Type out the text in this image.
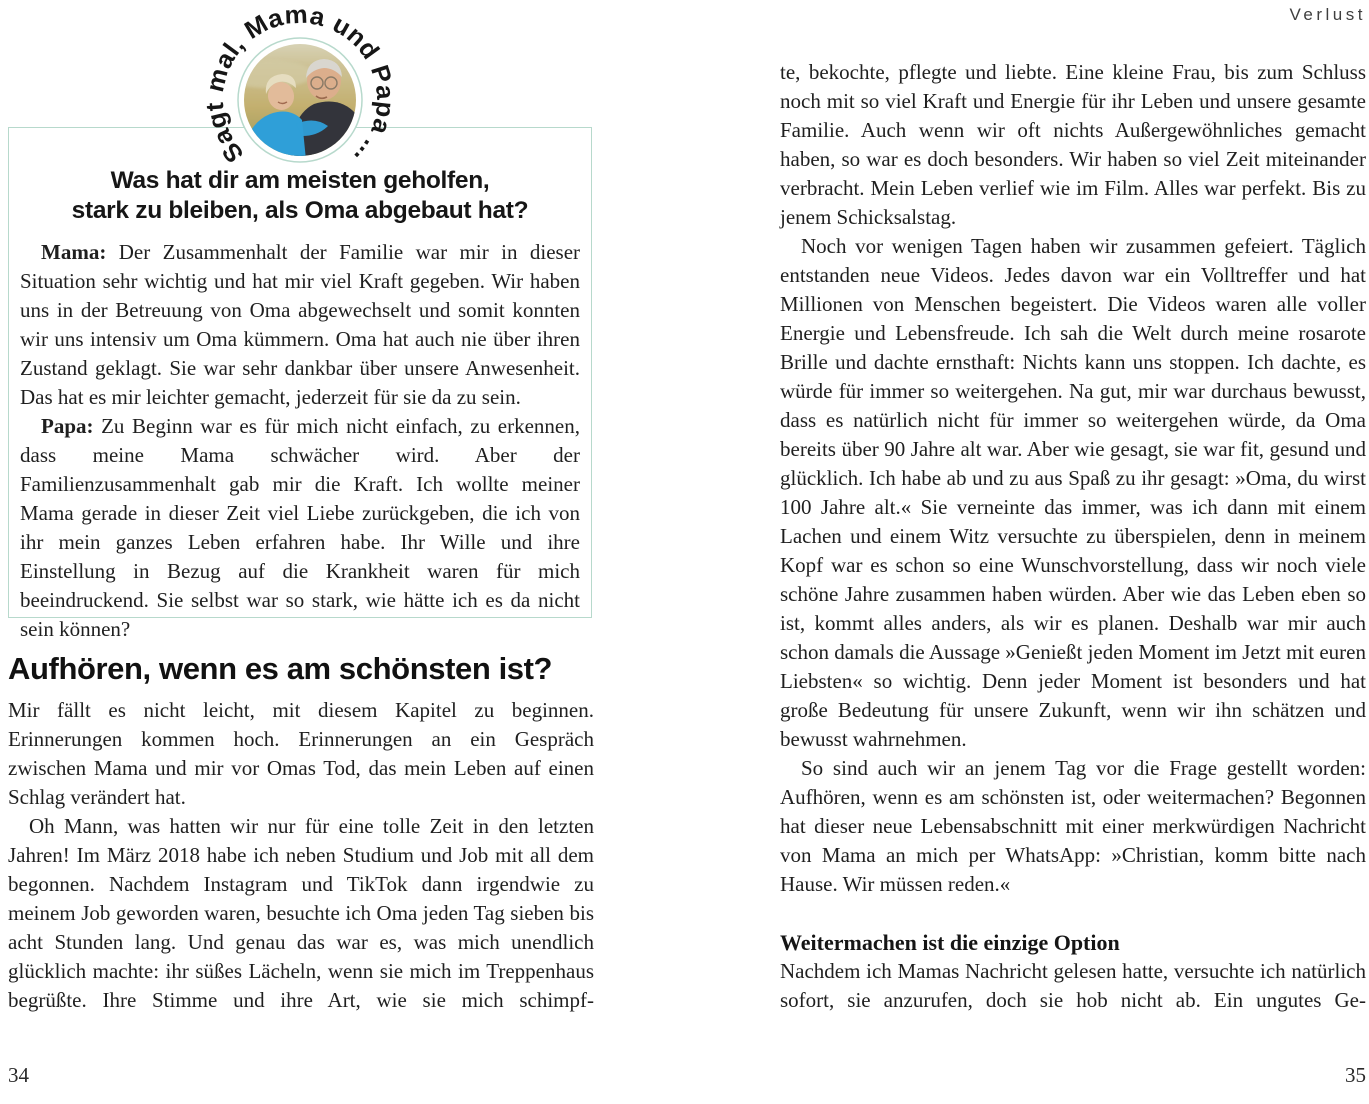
Was hat dir am meisten geholfen,
stark zu bleiben, als Oma abgebaut hat?

Mama: Der Zusammenhalt der Familie war mir in dieser Situation sehr wichtig und hat mir viel Kraft gegeben. Wir haben uns in der Betreuung von Oma abgewechselt und somit konnten wir uns intensiv um Oma kümmern. Oma hat auch nie über ihren Zustand geklagt. Sie war sehr dankbar über unsere Anwesenheit. Das hat es mir leichter gemacht, jederzeit für sie da zu sein.

Papa: Zu Beginn war es für mich nicht einfach, zu erkennen, dass meine Mama schwächer wird. Aber der Familienzusammenhalt gab mir die Kraft. Ich wollte meiner Mama gerade in dieser Zeit viel Liebe zurückgeben, die ich von ihr mein ganzes Leben erfahren habe. Ihr Wille und ihre Einstellung in Bezug auf die Krankheit waren für mich beeindruckend. Sie selbst war so stark, wie hätte ich es da nicht sein können?

Sagt mal, Mama und Papa ...
Aufhören, wenn es am schönsten ist?

Mir fällt es nicht leicht, mit diesem Kapitel zu beginnen. Erinnerungen kommen hoch. Erinnerungen an ein Gespräch zwischen Mama und mir vor Omas Tod, das mein Leben auf einen Schlag verändert hat.

Oh Mann, was hatten wir nur für eine tolle Zeit in den letzten Jahren! Im März 2018 habe ich neben Studium und Job mit all dem begonnen. Nachdem Instagram und TikTok dann irgendwie zu meinem Job geworden waren, besuchte ich Oma jeden Tag sieben bis acht Stunden lang. Und genau das war es, was mich unendlich glücklich machte: ihr süßes Lächeln, wenn sie mich im Treppenhaus begrüßte. Ihre Stimme und ihre Art, wie sie mich schimpf-

34
Verlust

te, bekochte, pflegte und liebte. Eine kleine Frau, bis zum Schluss noch mit so viel Kraft und Energie für ihr Leben und unsere gesamte Familie. Auch wenn wir oft nichts Außergewöhnliches gemacht haben, so war es doch besonders. Wir haben so viel Zeit miteinander verbracht. Mein Leben verlief wie im Film. Alles war perfekt. Bis zu jenem Schicksalstag.

Noch vor wenigen Tagen haben wir zusammen gefeiert. Täglich entstanden neue Videos. Jedes davon war ein Volltreffer und hat Millionen von Menschen begeistert. Die Videos waren alle voller Energie und Lebensfreude. Ich sah die Welt durch meine rosarote Brille und dachte ernsthaft: Nichts kann uns stoppen. Ich dachte, es würde für immer so weitergehen. Na gut, mir war durchaus bewusst, dass es natürlich nicht für immer so weitergehen würde, da Oma bereits über 90 Jahre alt war. Aber wie gesagt, sie war fit, gesund und glücklich. Ich habe ab und zu aus Spaß zu ihr gesagt: »Oma, du wirst 100 Jahre alt.« Sie verneinte das immer, was ich dann mit einem Lachen und einem Witz versuchte zu überspielen, denn in meinem Kopf war es schon so eine Wunschvorstellung, dass wir noch viele schöne Jahre zusammen haben würden. Aber wie das Leben eben so ist, kommt alles anders, als wir es planen. Deshalb war mir auch schon damals die Aussage »Genießt jeden Moment im Jetzt mit euren Liebsten« so wichtig. Denn jeder Moment ist besonders und hat große Bedeutung für unsere Zukunft, wenn wir ihn schätzen und bewusst wahrnehmen.

So sind auch wir an jenem Tag vor die Frage gestellt worden: Aufhören, wenn es am schönsten ist, oder weitermachen? Begonnen hat dieser neue Lebensabschnitt mit einer merkwürdigen Nachricht von Mama an mich per WhatsApp: »Christian, komm bitte nach Hause. Wir müssen reden.«

Weitermachen ist die einzige Option

Nachdem ich Mamas Nachricht gelesen hatte, versuchte ich natürlich sofort, sie anzurufen, doch sie hob nicht ab. Ein ungutes Ge-

35
